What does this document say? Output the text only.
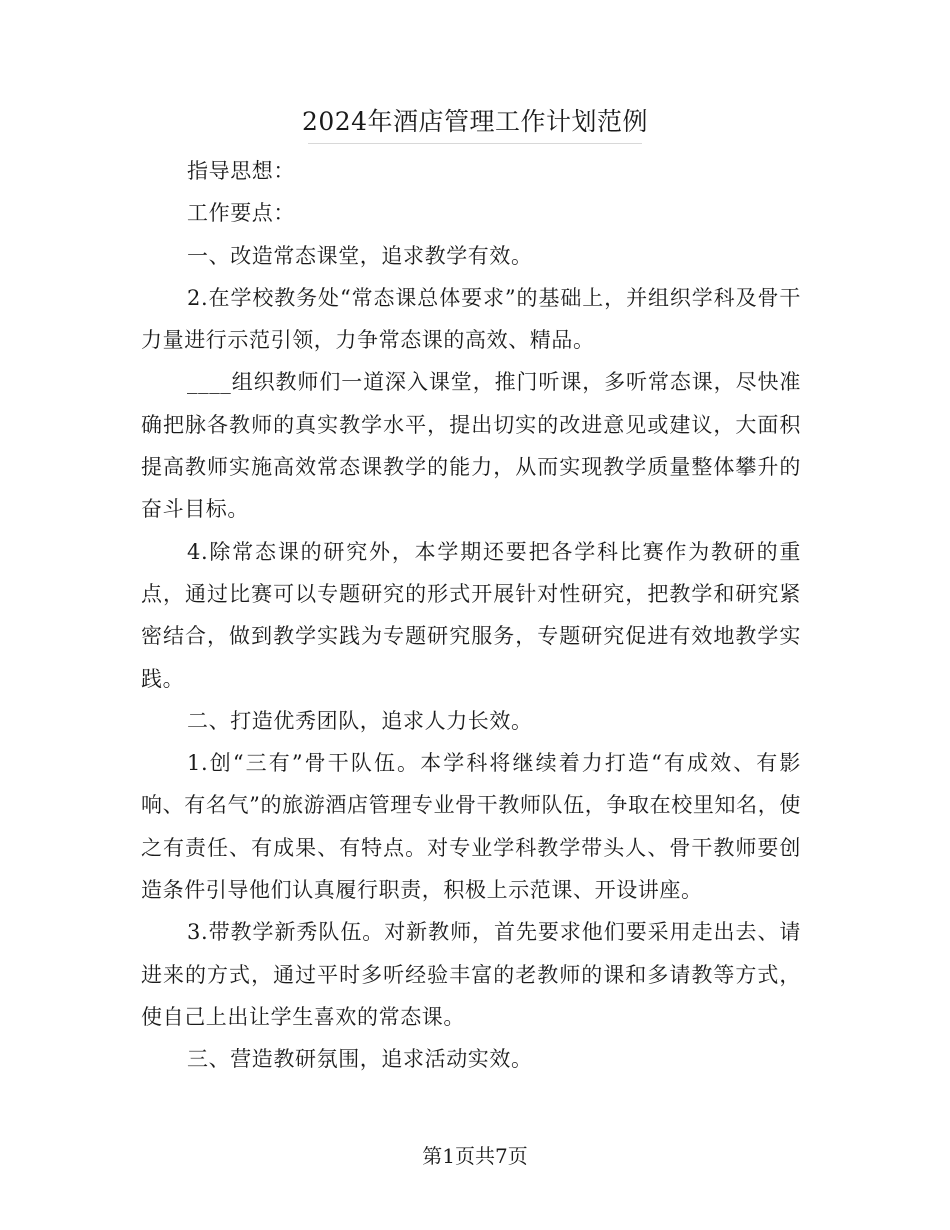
2024年酒店管理工作计划范例

指导思想：

工作要点：

一、改造常态课堂，追求教学有效。

2.在学校教务处“常态课总体要求”的基础上，并组织学科及骨干力量进行示范引领，力争常态课的高效、精品。

____组织教师们一道深入课堂，推门听课，多听常态课，尽快准确把脉各教师的真实教学水平，提出切实的改进意见或建议，大面积提高教师实施高效常态课教学的能力，从而实现教学质量整体攀升的奋斗目标。

4.除常态课的研究外，本学期还要把各学科比赛作为教研的重点，通过比赛可以专题研究的形式开展针对性研究，把教学和研究紧密结合，做到教学实践为专题研究服务，专题研究促进有效地教学实践。

二、打造优秀团队，追求人力长效。

1.创“三有”骨干队伍。本学科将继续着力打造“有成效、有影响、有名气”的旅游酒店管理专业骨干教师队伍，争取在校里知名，使之有责任、有成果、有特点。对专业学科教学带头人、骨干教师要创造条件引导他们认真履行职责，积极上示范课、开设讲座。

3.带教学新秀队伍。对新教师，首先要求他们要采用走出去、请进来的方式，通过平时多听经验丰富的老教师的课和多请教等方式，使自己上出让学生喜欢的常态课。

三、营造教研氛围，追求活动实效。

第1页共7页
